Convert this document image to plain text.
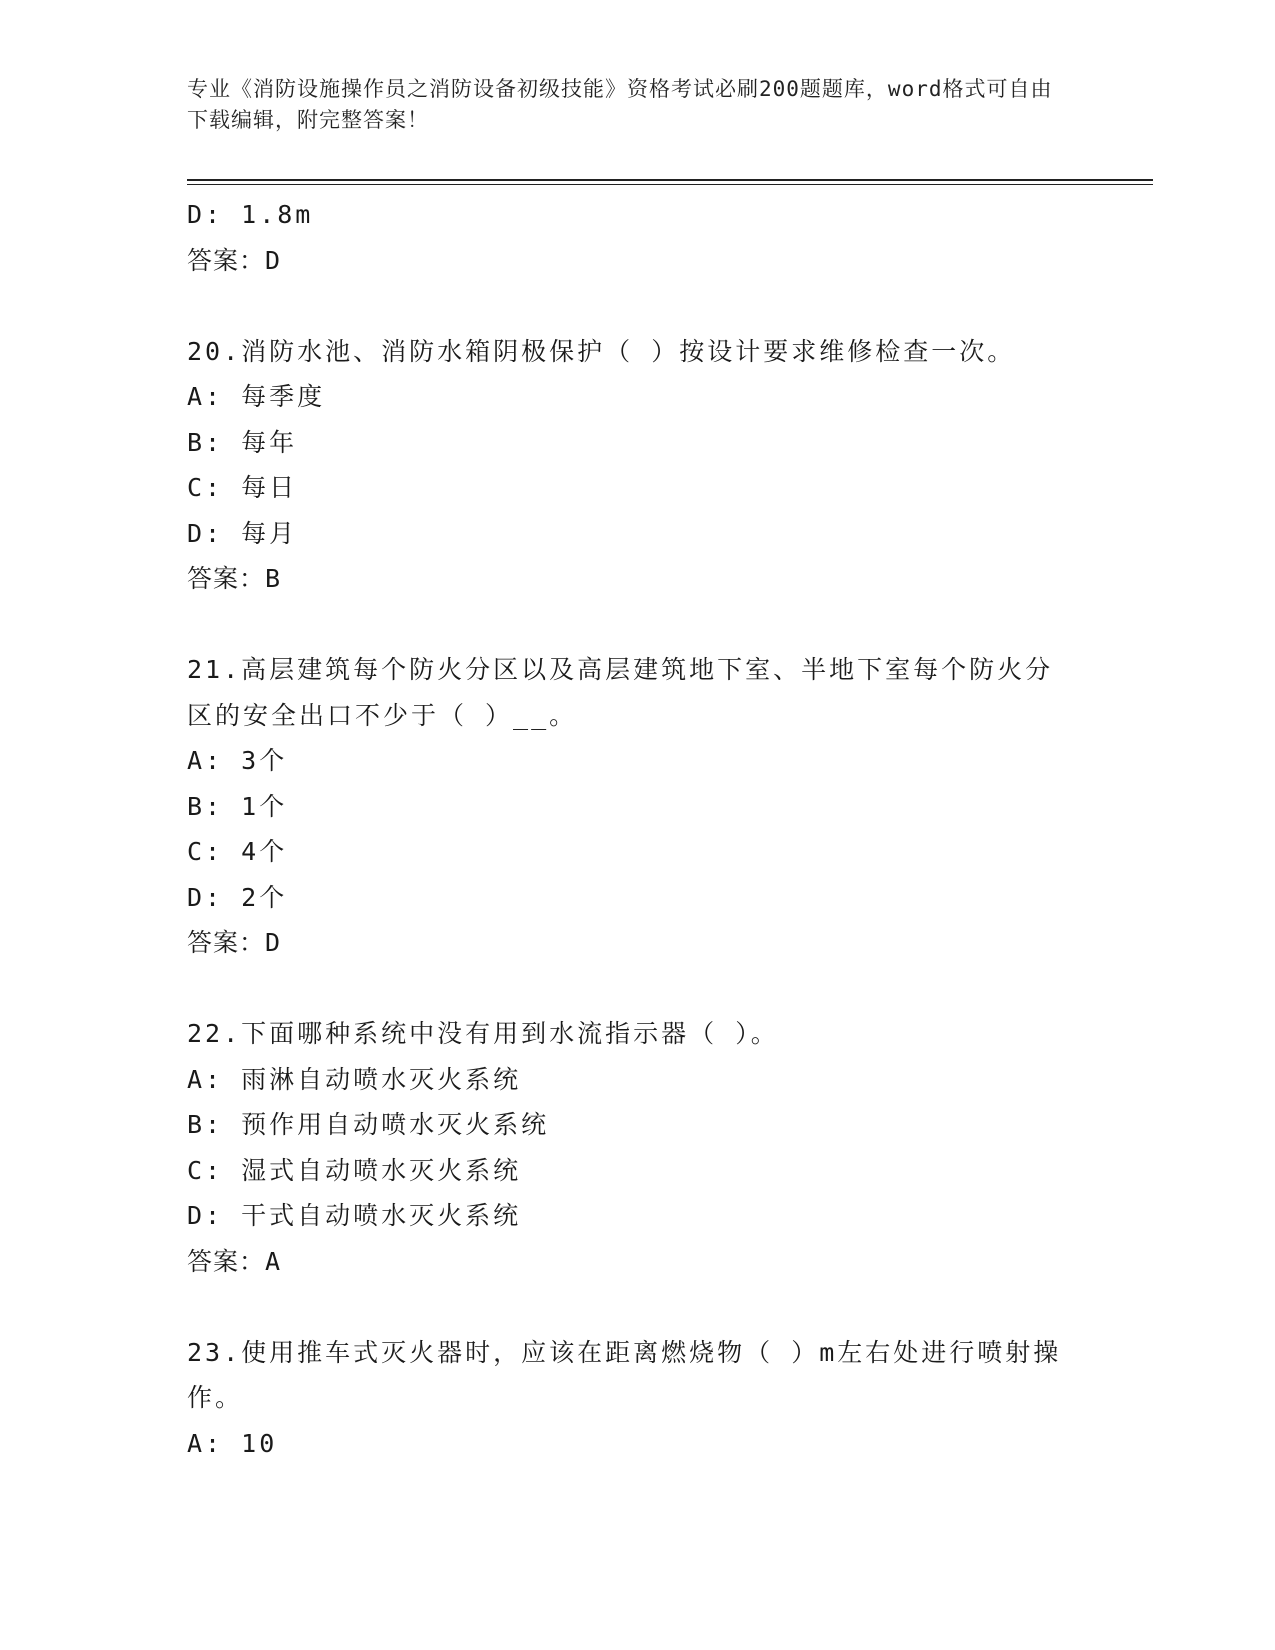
专业《消防设施操作员之消防设备初级技能》资格考试必刷200题题库，word格式可自由下载编辑，附完整答案！
D: 1.8m
答案：D
20.消防水池、消防水箱阴极保护（ ）按设计要求维修检查一次。
A: 每季度
B: 每年
C: 每日
D: 每月
答案：B
21.高层建筑每个防火分区以及高层建筑地下室、半地下室每个防火分区的安全出口不少于（ ）__。
A: 3个
B: 1个
C: 4个
D: 2个
答案：D
22.下面哪种系统中没有用到水流指示器（ ）。
A: 雨淋自动喷水灭火系统
B: 预作用自动喷水灭火系统
C: 湿式自动喷水灭火系统
D: 干式自动喷水灭火系统
答案：A
23.使用推车式灭火器时，应该在距离燃烧物（ ）m左右处进行喷射操作。
A: 10
